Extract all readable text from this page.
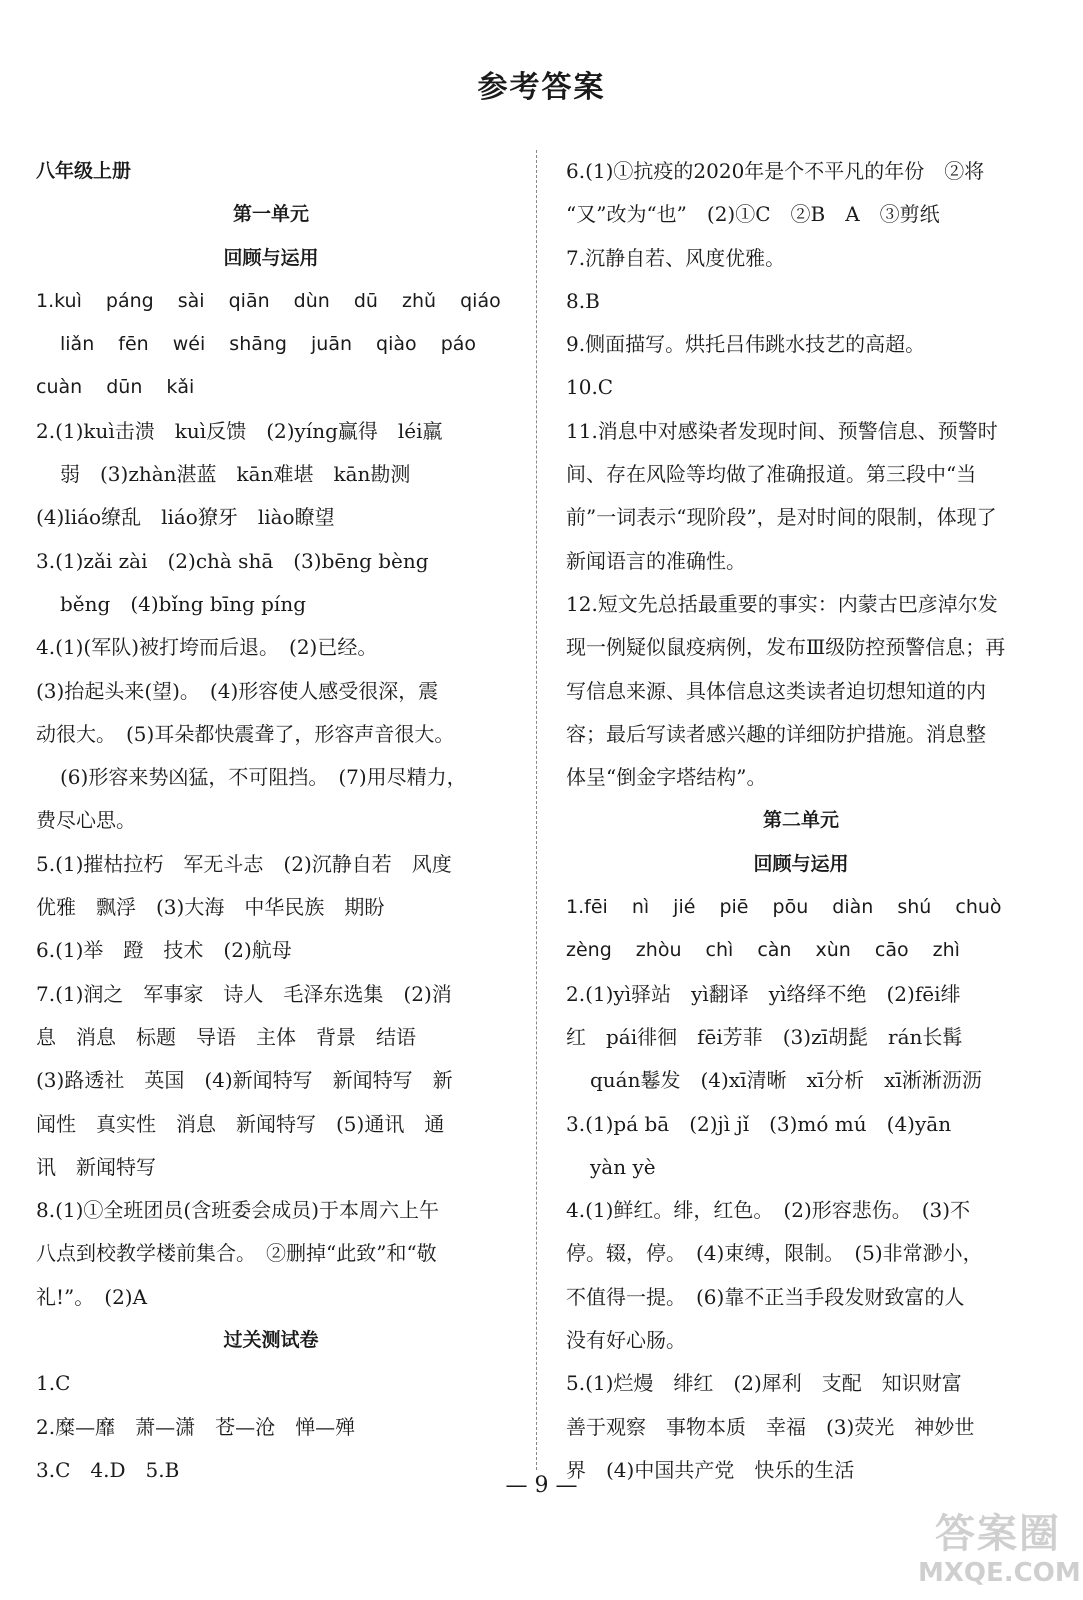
参考答案
八年级上册
第一单元
回顾与运用
1.kuì páng sài qiān dùn dū zhǔ qiáo
liǎn fēn wéi shāng juān qiào páo
cuàn dūn kǎi
2.(1)kuì击溃　kuì反馈　(2)yíng赢得　léi羸
弱　(3)zhàn湛蓝　kān难堪　kān勘测
(4)liáo缭乱　liáo獠牙　liào瞭望
3.(1)zǎi zài　(2)chà shā　(3)bēng bèng
běng　(4)bǐng bīng píng
4.(1)(军队)被打垮而后退。　(2)已经。
(3)抬起头来(望)。　(4)形容使人感受很深，震
动很大。　(5)耳朵都快震聋了，形容声音很大。
(6)形容来势凶猛，不可阻挡。　(7)用尽精力，
费尽心思。
5.(1)摧枯拉朽　军无斗志　(2)沉静自若　风度
优雅　飘浮　(3)大海　中华民族　期盼
6.(1)举　蹬　技术　(2)航母
7.(1)润之　军事家　诗人　毛泽东选集　(2)消
息　消息　标题　导语　主体　背景　结语
(3)路透社　英国　(4)新闻特写　新闻特写　新
闻性　真实性　消息　新闻特写　(5)通讯　通
讯　新闻特写
8.(1)①全班团员(含班委会成员)于本周六上午
八点到校教学楼前集合。　②删掉“此致”和“敬
礼!”。　(2)A
过关测试卷
1.C
2.糜—靡　萧—潇　苍—沧　惮—殚
3.C　4.D　5.B
6.(1)①抗疫的2020年是个不平凡的年份　②将
“又”改为“也”　(2)①C　②B　A　③剪纸
7.沉静自若、风度优雅。
8.B
9.侧面描写。烘托吕伟跳水技艺的高超。
10.C
11.消息中对感染者发现时间、预警信息、预警时
间、存在风险等均做了准确报道。第三段中“当
前”一词表示“现阶段”，是对时间的限制，体现了
新闻语言的准确性。
12.短文先总括最重要的事实：内蒙古巴彦淖尔发
现一例疑似鼠疫病例，发布Ⅲ级防控预警信息；再
写信息来源、具体信息这类读者迫切想知道的内
容；最后写读者感兴趣的详细防护措施。消息整
体呈“倒金字塔结构”。
第二单元
回顾与运用
1.fēi nì jié piē pōu diàn shú chuò
zèng zhòu chì càn xùn cāo zhì
2.(1)yì驿站　yì翻译　yì络绎不绝　(2)fēi绯
红　pái徘徊　fēi芳菲　(3)zī胡髭　rán长髯
quán鬈发　(4)xī清晰　xī分析　xī淅淅沥沥
3.(1)pá bā　(2)jì jǐ　(3)mó mú　(4)yān
yàn yè
4.(1)鲜红。绯，红色。　(2)形容悲伤。　(3)不
停。辍，停。　(4)束缚，限制。　(5)非常渺小，
不值得一提。　(6)靠不正当手段发财致富的人
没有好心肠。
5.(1)烂熳　绯红　(2)犀利　支配　知识财富
善于观察　事物本质　幸福　(3)荧光　神妙世
界　(4)中国共产党　快乐的生活
— 9 —
答案圈
MXQE.COM
